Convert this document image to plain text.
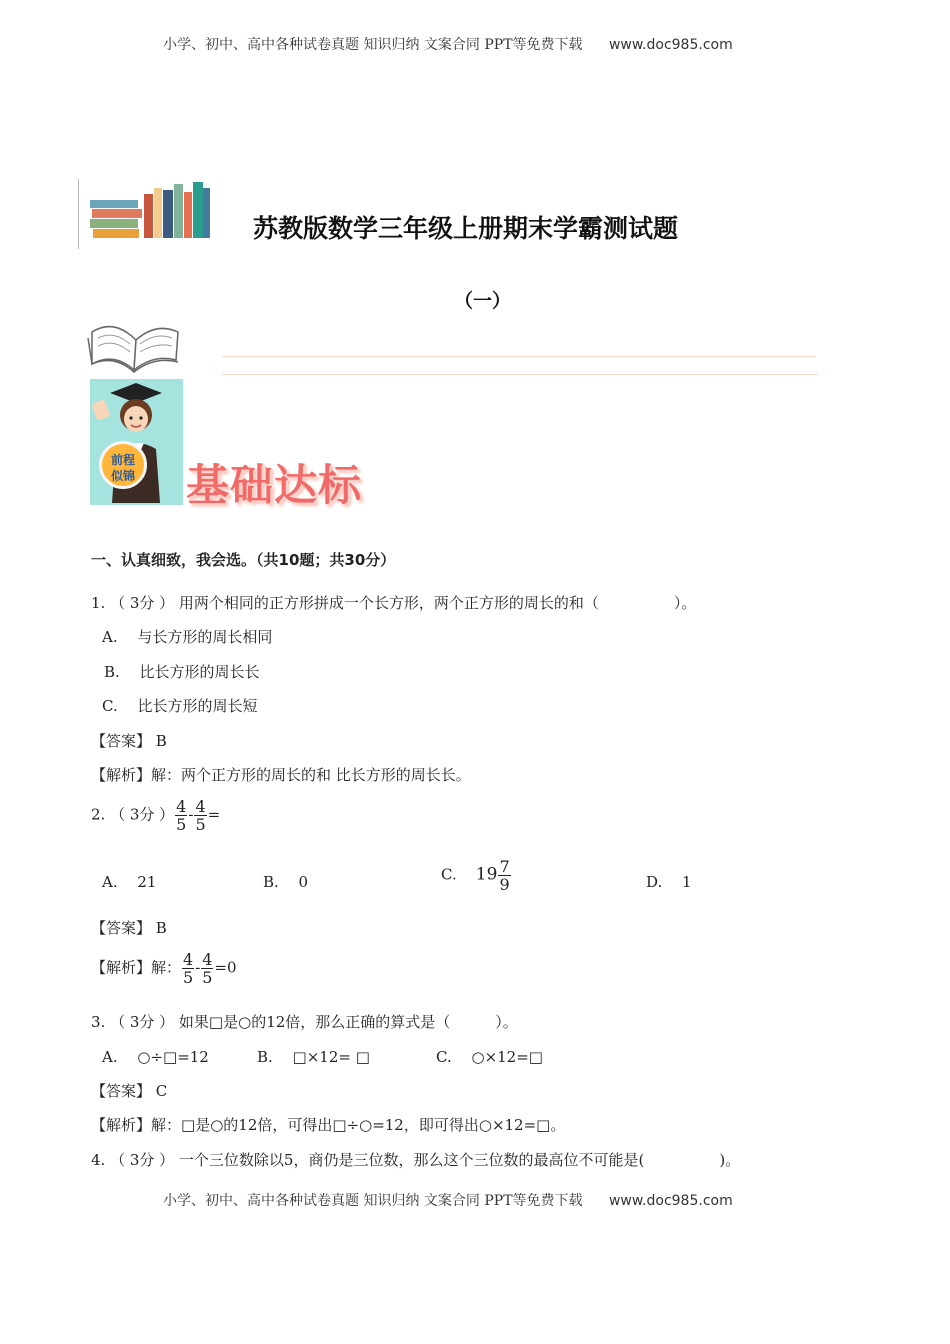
小学、初中、高中各种试卷真题 知识归纳 文案合同 PPT等免费下载 www.doc985.com
苏教版数学三年级上册期末学霸测试题
（一）
前程
似锦 基础达标
一、认真细致，我会选。（共10题；共30分）
1. （ 3分 ） 用两个相同的正方形拼成一个长方形，两个正方形的周长的和（　　　　　）。
A.　 与长方形的周长相同
B.　 比长方形的周长长
C.　 比长方形的周长短
【答案】 B
【解析】解：两个正方形的周长的和 比长方形的周长长。
2. （ 3分 ） $\frac{4}{5} - \frac{4}{5}$ =
A.　 21	B.　 0	C. $19 \frac{7}{9}$	D.　 1
【答案】 B
【解析】解： $\frac{4}{5} - \frac{4}{5} =0$
3. （ 3分 ） 如果□是○的12倍，那么正确的算式是（　　　）。
A.　 ○÷□=12	B.　 □×12= □	C.　 ○×12=□
【答案】 C
【解析】解：□是○的12倍，可得出□÷○=12，即可得出○×12=□。
4. （ 3分 ） 一个三位数除以5，商仍是三位数，那么这个三位数的最高位不可能是(　　　　　)。
小学、初中、高中各种试卷真题 知识归纳 文案合同 PPT等免费下载 www.doc985.com
